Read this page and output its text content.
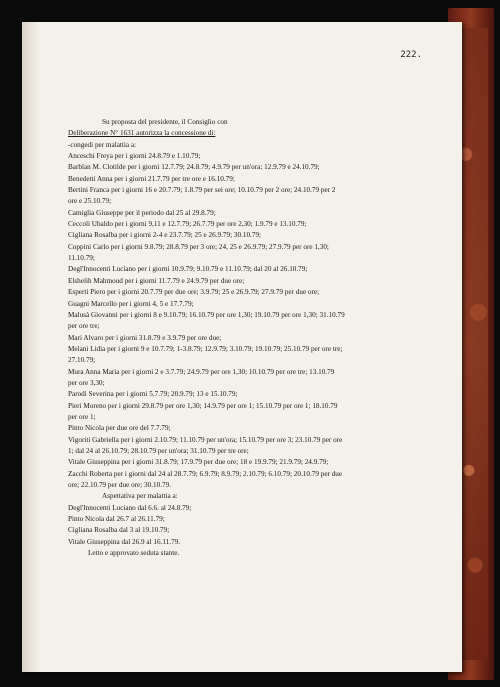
222.
Su proposta del presidente, il Consiglio con
Deliberazione N° 1631 autorizza la concessione di:
-congedi per malattia a:
Anceschi Freya per i giorni 24.8.79 e 1.10.79;
Barblan M. Clotilde per i giorni 12.7.79; 24.8.79; 4.9.79 per un'ora; 12.9.79 e 24.10.79;
Benedetti Anna per i giorni 21.7.79 per tre ore e 16.10.79;
Bertini Franca per i giorni 16 e 20.7.79; 1.8.79 per sei ore; 10.10.79 per 2 ore; 24.10.79 per 2
ore e 25.10.79;
Camiglia Giuseppe per il periodo dal 25 al 29.8.79;
Ceccoli Ubaldo per i giorni 9,11 e 12.7.79; 26.7.79 per ore 2,30; 1.9.79 e 13.10.79;
Cigliana Rosalba per i giorni 2-4 e 23.7.79; 25 e 26.9.79; 30.10.79;
Coppini Carlo per i giorni 9.8.79; 28.8.79 per 3 ore; 24, 25 e 26.9.79; 27.9.79 per ore 1,30;
11.10.79;
Degl'Innocenti Luciano per i giorni 10.9.79; 9.10.79 e 11.10.79; dal 20 al 26.10.79;
Elshelih Mahmoud per i giorni 11.7.79 e 24.9.79 per due ore;
Esperti Piero per i giorni 20.7.79 per due ore; 3.9.79; 25 e 26.9.79; 27.9.79 per due ore;
Guagni Marcello per i giorni 4, 5 e 17.7.79;
Malusà Giovanni per i giorni 8 e 9.10.79; 16.10.79 per ore 1,30; 19.10.79 per ore 1,30; 31.10.79
per ore tre;
Mari Alvaro per i giorni 31.8.79 e 3.9.79 per ore due;
Melani Lidia per i giorni 9 e 10.7.79; 1-3.8.79; 12.9.79; 3.10.79; 19.10.79; 25.10.79 per ore tre;
27.10.79;
Mura Anna Maria per i giorni 2 e 3.7.79; 24.9.79 per ore 1,30; 10.10.79 per ore tre; 13.10.79
per ore 3,30;
Parodi Severina per i giorni 5.7.79; 20.9.79; 13 e 15.10.79;
Pieri Moreno per i giorni 29.8.79 per ore 1,30; 14.9.79 per ore 1; 15.10.79 per ore 1; 18.10.79
per ore 1;
Pinto Nicola per due ore del 7.7.79;
Vigoriti Gabriella per i giorni 2.10.79; 11.10.79 per un'ora; 15.10.79 per ore 3; 23.10.79 per ore
1; dal 24 al 26.10.79; 28.10.79 per un'ora; 31.10.79 per tre ore;
Vitale Giuseppina per i giorni 31.8.79; 17.9.79 per due ore; 18 e 19.9.79; 21.9.79; 24.9.79;
Zacchi Roberta per i giorni dal 24 al 28.7.79; 6.9.79; 8.9.79; 2.10.79; 6.10.79; 20.10.79 per due
ore; 22.10.79 per due ore; 30.10.79.
Aspettativa per malattia a:
Degl'Innocenti Luciano dal 6.6. al 24.8.79;
Pinto Nicola dal 26.7 al 26.11.79;
Cigliana Rosalba dal 3 al 19.10.79;
Vitale Giuseppina dal 26.9 al 16.11.79.
Letto e approvato seduta stante.
